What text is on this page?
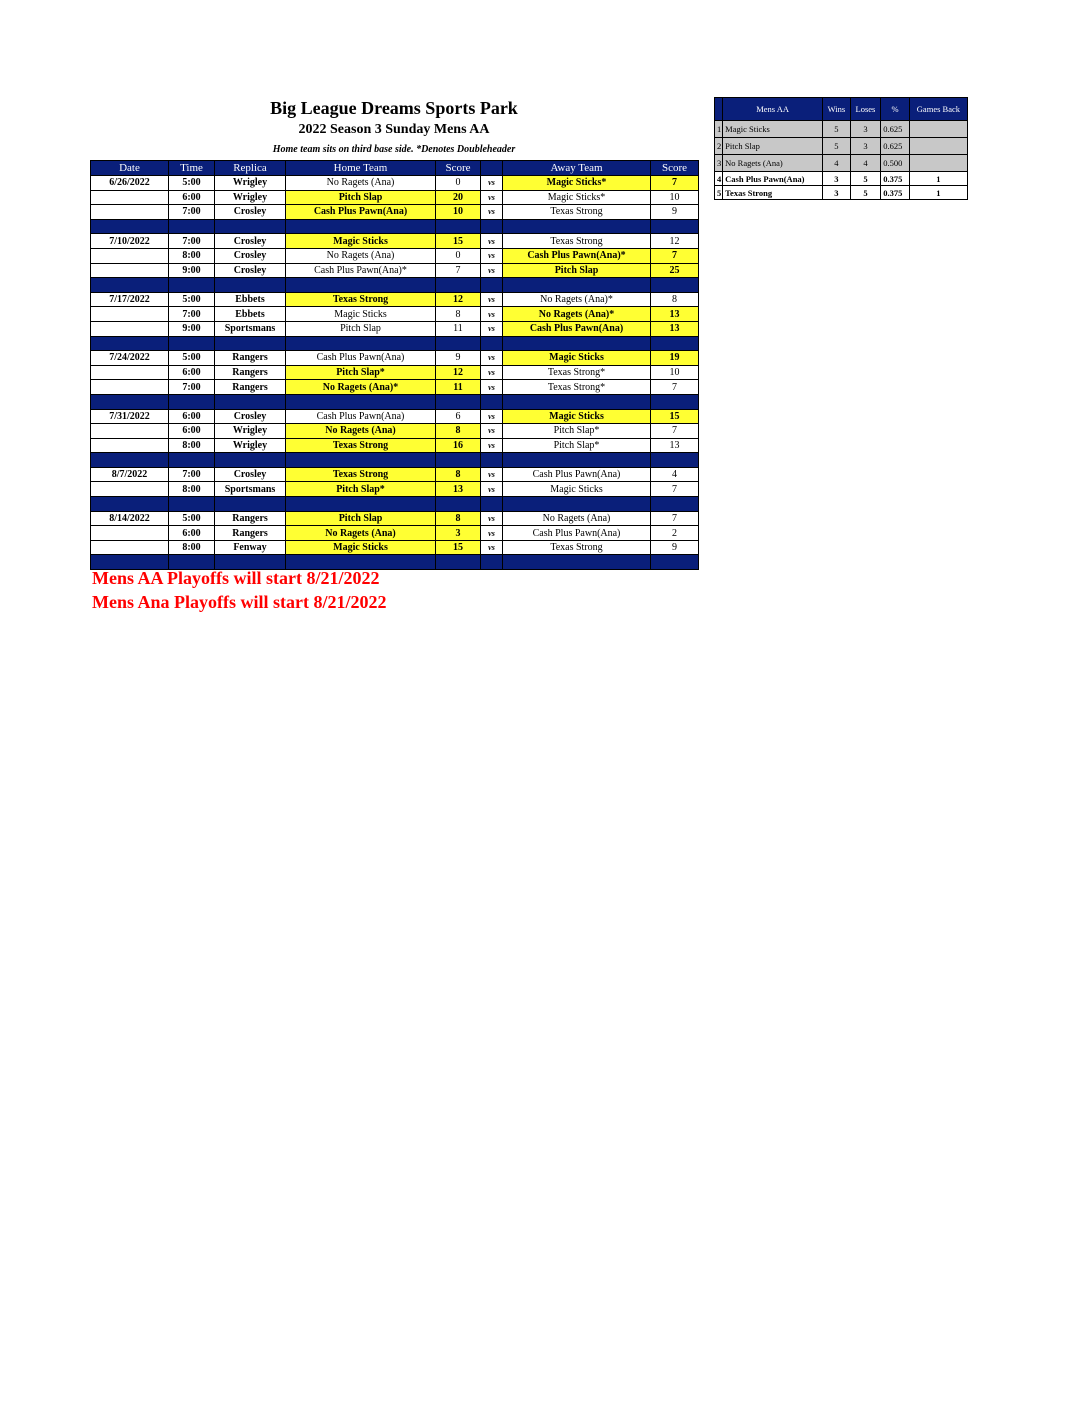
Big League Dreams Sports Park
2022 Season 3 Sunday Mens AA
Home team sits on third base side. *Denotes Doubleheader
Date	Time	Replica	Home Team	Score		Away Team	Score
6/26/2022	5:00	Wrigley	No Ragets (Ana)	0	vs	Magic Sticks*	7
	6:00	Wrigley	Pitch Slap	20	vs	Magic Sticks*	10
	7:00	Crosley	Cash Plus Pawn(Ana)	10	vs	Texas Strong	9

7/10/2022	7:00	Crosley	Magic Sticks	15	vs	Texas Strong	12
	8:00	Crosley	No Ragets (Ana)	0	vs	Cash Plus Pawn(Ana)*	7
	9:00	Crosley	Cash Plus Pawn(Ana)*	7	vs	Pitch Slap	25

7/17/2022	5:00	Ebbets	Texas Strong	12	vs	No Ragets (Ana)*	8
	7:00	Ebbets	Magic Sticks	8	vs	No Ragets (Ana)*	13
	9:00	Sportsmans	Pitch Slap	11	vs	Cash Plus Pawn(Ana)	13

7/24/2022	5:00	Rangers	Cash Plus Pawn(Ana)	9	vs	Magic Sticks	19
	6:00	Rangers	Pitch Slap*	12	vs	Texas Strong*	10
	7:00	Rangers	No Ragets (Ana)*	11	vs	Texas Strong*	7

7/31/2022	6:00	Crosley	Cash Plus Pawn(Ana)	6	vs	Magic Sticks	15
	6:00	Wrigley	No Ragets (Ana)	8	vs	Pitch Slap*	7
	8:00	Wrigley	Texas Strong	16	vs	Pitch Slap*	13

8/7/2022	7:00	Crosley	Texas Strong	8	vs	Cash Plus Pawn(Ana)	4
	8:00	Sportsmans	Pitch Slap*	13	vs	Magic Sticks	7

8/14/2022	5:00	Rangers	Pitch Slap	8	vs	No Ragets (Ana)	7
	6:00	Rangers	No Ragets (Ana)	3	vs	Cash Plus Pawn(Ana)	2
	8:00	Fenway	Magic Sticks	15	vs	Texas Strong	9

	Mens AA	Wins	Loses	%	Games Back
1	Magic Sticks	5	3	0.625	
2	Pitch Slap	5	3	0.625	
3	No Ragets (Ana)	4	4	0.500	
4	Cash Plus Pawn(Ana)	3	5	0.375	1
5	Texas Strong	3	5	0.375	1
Mens AA Playoffs will start 8/21/2022
Mens Ana Playoffs will start 8/21/2022
